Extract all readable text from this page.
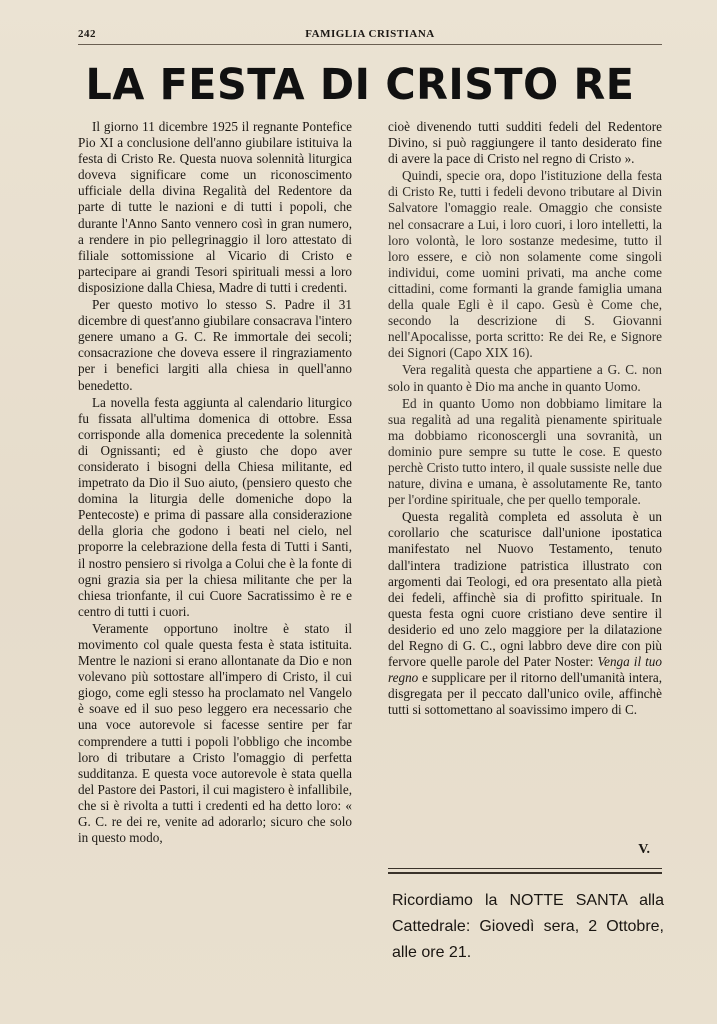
242	FAMIGLIA CRISTIANA
LA FESTA DI CRISTO RE

Il giorno 11 dicembre 1925 il regnante Pontefice Pio XI a conclusione dell'anno giubilare istituiva la festa di Cristo Re. Questa nuova solennità liturgica doveva significare come un riconoscimento ufficiale della divina Regalità del Redentore da parte di tutte le nazioni e di tutti i popoli, che durante l'Anno Santo vennero così in gran numero, a rendere in pio pellegrinaggio il loro attestato di filiale sottomissione al Vicario di Cristo e partecipare ai grandi Tesori spirituali messi a loro disposizione dalla Chiesa, Madre di tutti i credenti.

Per questo motivo lo stesso S. Padre il 31 dicembre di quest'anno giubilare consacrava l'intero genere umano a G. C. Re immortale dei secoli; consacrazione che doveva essere il ringraziamento per i benefici largiti alla chiesa in quell'anno benedetto.

La novella festa aggiunta al calendario liturgico fu fissata all'ultima domenica di ottobre. Essa corrisponde alla domenica precedente la solennità di Ognissanti; ed è giusto che dopo aver considerato i bisogni della Chiesa militante, ed impetrato da Dio il Suo aiuto, (pensiero questo che domina la liturgia delle domeniche dopo la Pentecoste) e prima di passare alla considerazione della gloria che godono i beati nel cielo, nel proporre la celebrazione della festa di Tutti i Santi, il nostro pensiero si rivolga a Colui che è la fonte di ogni grazia sia per la chiesa militante che per la chiesa trionfante, il cui Cuore Sacratissimo è re e centro di tutti i cuori.

Veramente opportuno inoltre è stato il movimento col quale questa festa è stata istituita. Mentre le nazioni si erano allontanate da Dio e non volevano più sottostare all'impero di Cristo, il cui giogo, come egli stesso ha proclamato nel Vangelo è soave ed il suo peso leggero era necessario che una voce autorevole si facesse sentire per far comprendere a tutti i popoli l'obbligo che incombe loro di tributare a Cristo l'omaggio di perfetta sudditanza. E questa voce autorevole è stata quella del Pastore dei Pastori, il cui magistero è infallibile, che si è rivolta a tutti i credenti ed ha detto loro: « G. C. re dei re, venite ad adorarlo; sicuro che solo in questo modo,

cioè divenendo tutti sudditi fedeli del Redentore Divino, si può raggiungere il tanto desiderato fine di avere la pace di Cristo nel regno di Cristo ».

Quindi, specie ora, dopo l'istituzione della festa di Cristo Re, tutti i fedeli devono tributare al Divin Salvatore l'omaggio reale. Omaggio che consiste nel consacrare a Lui, i loro cuori, i loro intelletti, la loro volontà, le loro sostanze medesime, tutto il loro essere, e ciò non solamente come singoli individui, come uomini privati, ma anche come cittadini, come formanti la grande famiglia umana della quale Egli è il capo. Gesù è Come che, secondo la descrizione di S. Giovanni nell'Apocalisse, porta scritto: Re dei Re, e Signore dei Signori (Capo XIX 16).

Vera regalità questa che appartiene a G. C. non solo in quanto è Dio ma anche in quanto Uomo.

Ed in quanto Uomo non dobbiamo limitare la sua regalità ad una regalità pienamente spirituale ma dobbiamo riconoscergli una sovranità, un dominio pure sempre su tutte le cose. E questo perchè Cristo tutto intero, il quale sussiste nelle due nature, divina e umana, è assolutamente Re, tanto per l'ordine spirituale, che per quello temporale.

Questa regalità completa ed assoluta è un corollario che scaturisce dall'unione ipostatica manifestato nel Nuovo Testamento, tenuto dall'intera tradizione patristica illustrato con argomenti dai Teologi, ed ora presentato alla pietà dei fedeli, affinchè sia di profitto spirituale. In questa festa ogni cuore cristiano deve sentire il desiderio ed uno zelo maggiore per la dilatazione del Regno di G. C., ogni labbro deve dire con più fervore quelle parole del Pater Noster: Venga il tuo regno e supplicare per il ritorno dell'umanità intera, disgregata per il peccato dall'unico ovile, affinchè tutti si sottomettano al soavissimo impero di C.

V.
Ricordiamo la NOTTE SANTA alla Cattedrale: Giovedì sera, 2 Ottobre, alle ore 21.
